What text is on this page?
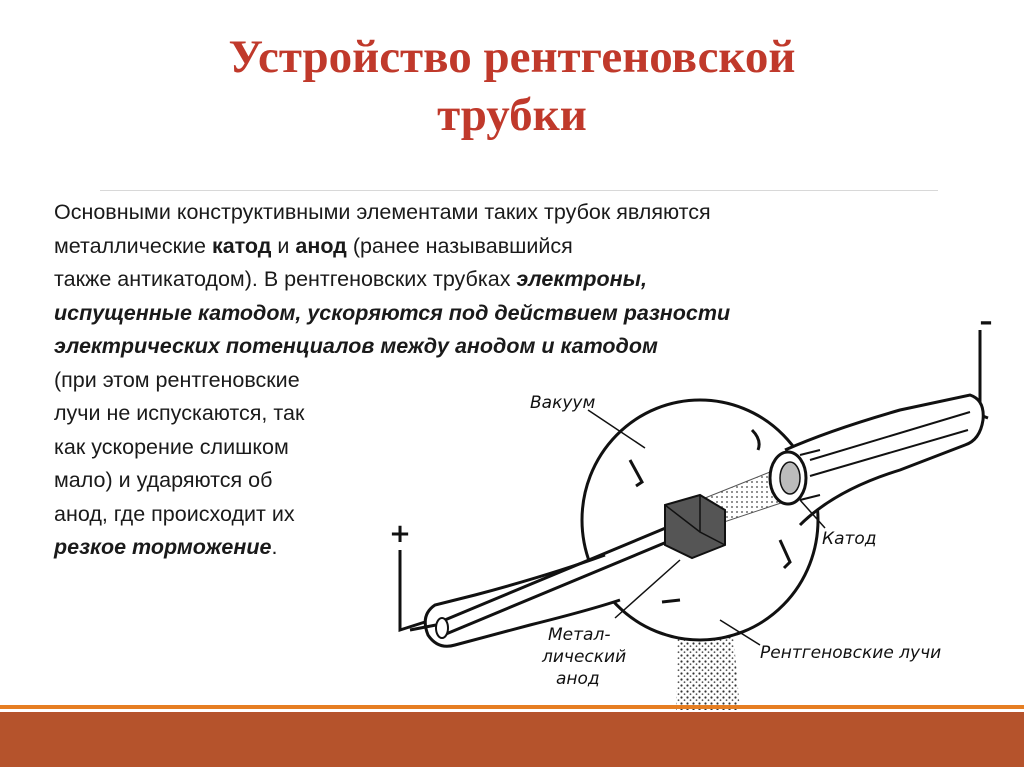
Устройство рентгеновской
трубки
Основными конструктивными элементами таких трубок являются
металлические катод и анод (ранее называвшийся
также антикатодом). В рентгеновских трубках электроны,
испущенные катодом, ускоряются под действием разности
электрических потенциалов между анодом и катодом
(при этом рентгеновские
лучи не испускаются, так
как ускорение слишком
мало) и ударяются об
анод, где происходит их
резкое торможение.
Вакуум
Катод
Метал-
лический
анод
Рентгеновские лучи
+
–
